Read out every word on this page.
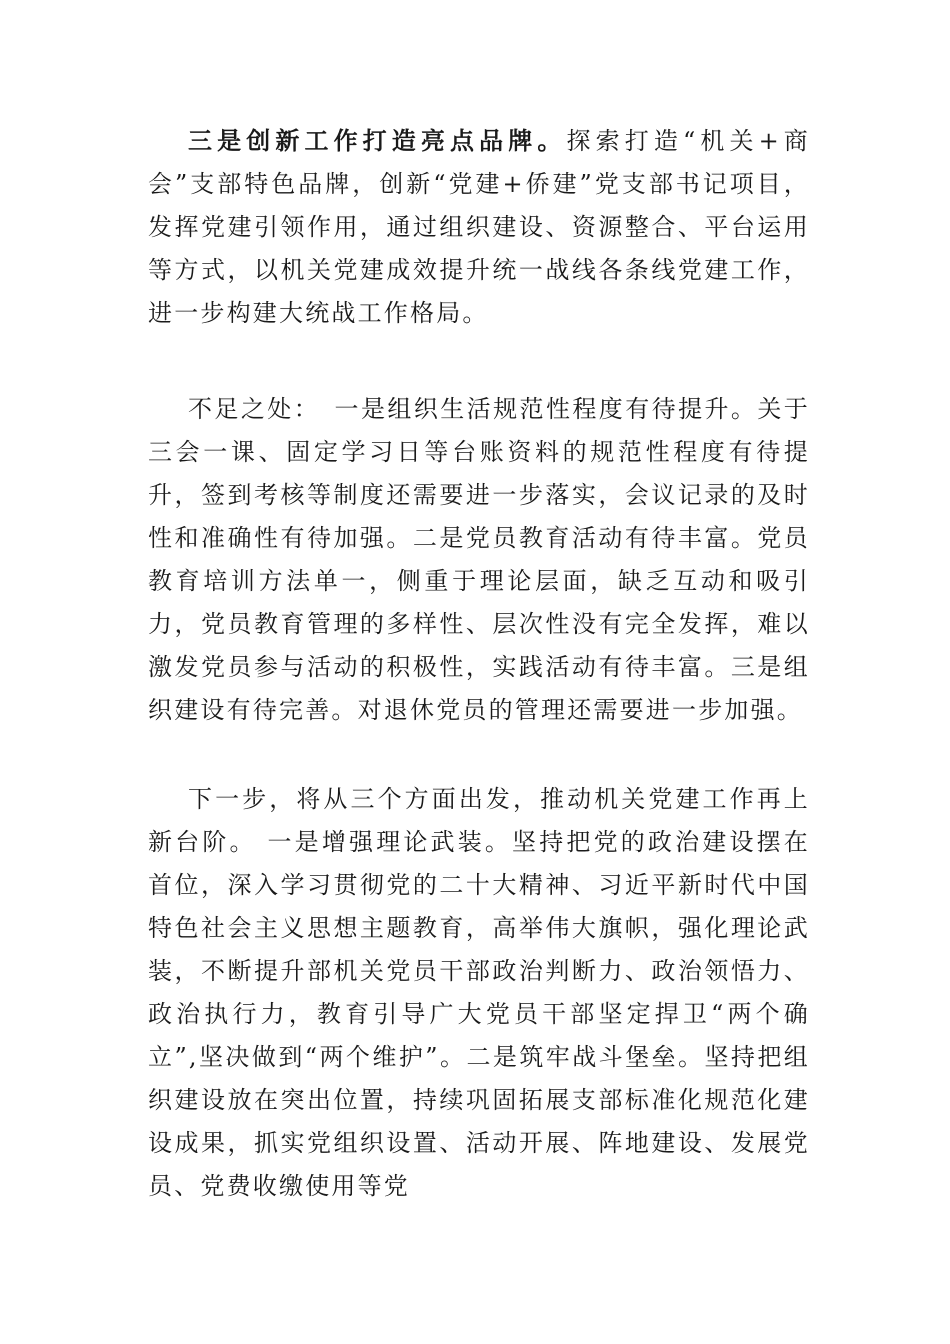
三是创新工作打造亮点品牌。探索打造“机关+商会”支部特色品牌，创新“党建+侨建”党支部书记项目，发挥党建引领作用，通过组织建设、资源整合、平台运用等方式，以机关党建成效提升统一战线各条线党建工作，进一步构建大统战工作格局。

不足之处：　一是组织生活规范性程度有待提升。关于三会一课、固定学习日等台账资料的规范性程度有待提升，签到考核等制度还需要进一步落实，会议记录的及时性和准确性有待加强。二是党员教育活动有待丰富。党员教育培训方法单一，侧重于理论层面，缺乏互动和吸引力，党员教育管理的多样性、层次性没有完全发挥，难以激发党员参与活动的积极性，实践活动有待丰富。三是组织建设有待完善。对退休党员的管理还需要进一步加强。

下一步，将从三个方面出发，推动机关党建工作再上新台阶。 一是增强理论武装。坚持把党的政治建设摆在首位，深入学习贯彻党的二十大精神、习近平新时代中国特色社会主义思想主题教育，高举伟大旗帜，强化理论武装，不断提升部机关党员干部政治判断力、政治领悟力、政治执行力，教育引导广大党员干部坚定捍卫“两个确立”,坚决做到“两个维护”。二是筑牢战斗堡垒。坚持把组织建设放在突出位置，持续巩固拓展支部标准化规范化建设成果，抓实党组织设置、活动开展、阵地建设、发展党员、党费收缴使用等党
